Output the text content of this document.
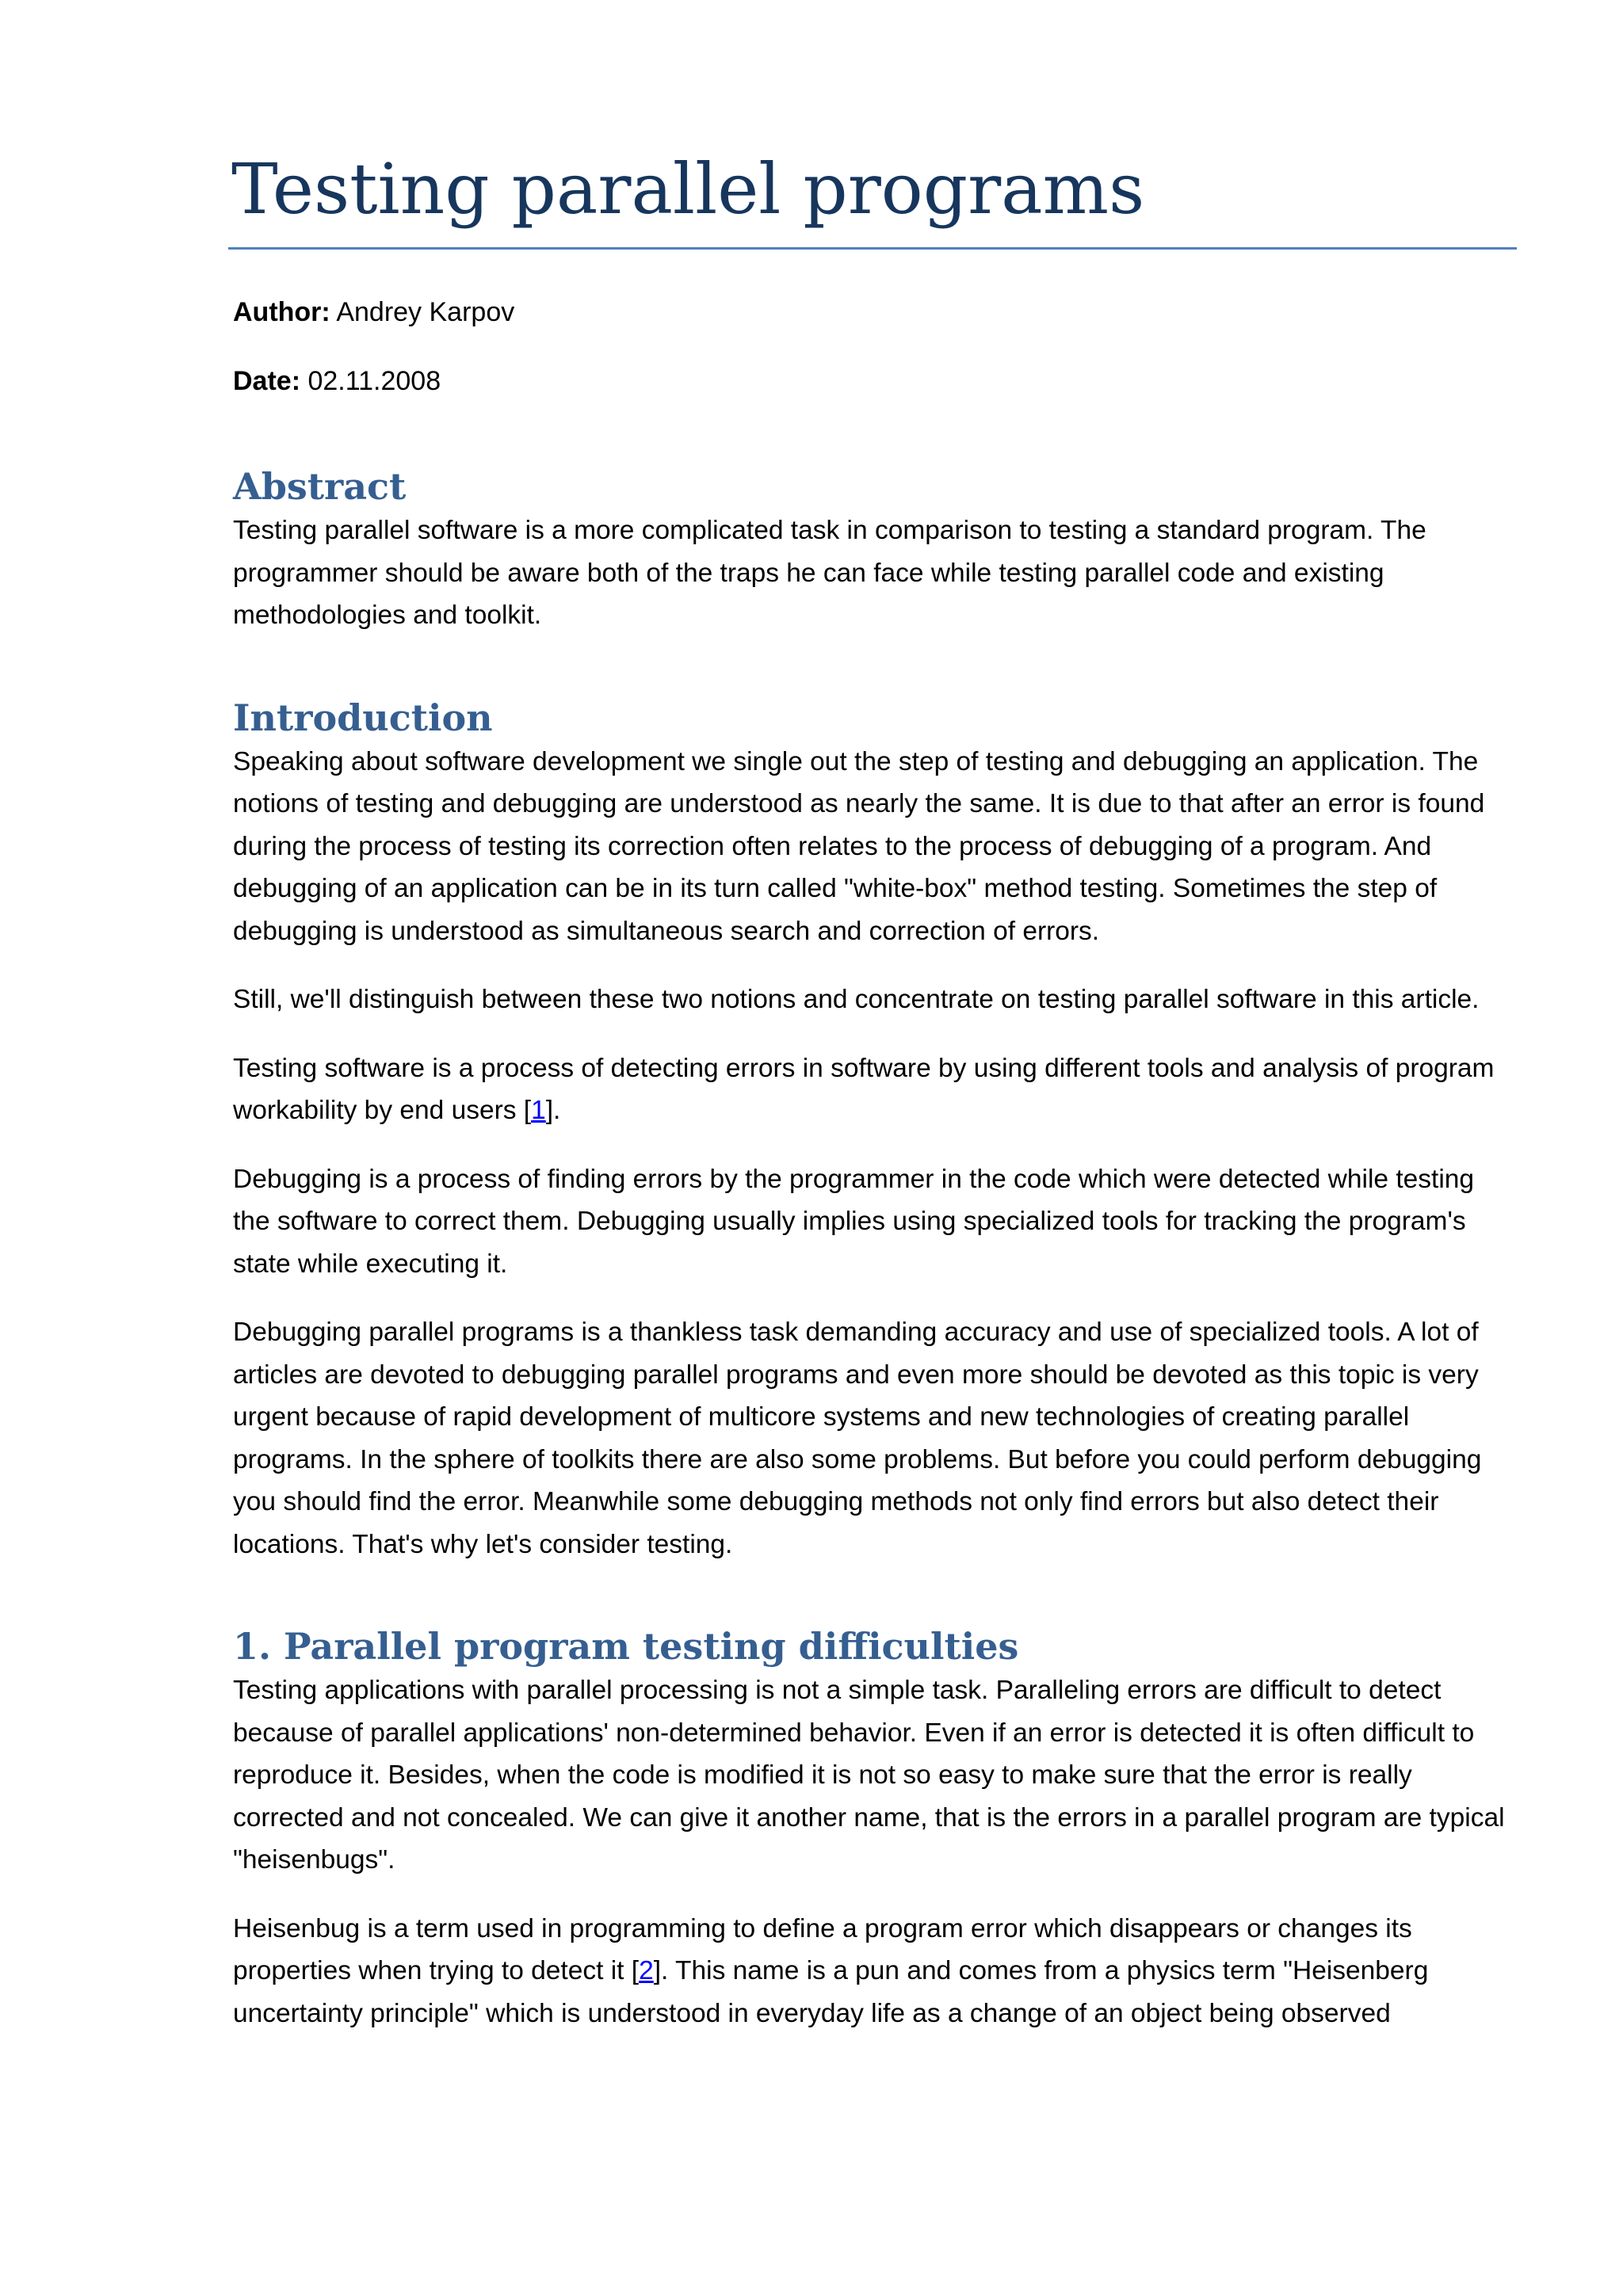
Testing parallel programs

Author: Andrey Karpov

Date: 02.11.2008

Abstract

Testing parallel software is a more complicated task in comparison to testing a standard program. The programmer should be aware both of the traps he can face while testing parallel code and existing methodologies and toolkit.

Introduction

Speaking about software development we single out the step of testing and debugging an application. The notions of testing and debugging are understood as nearly the same. It is due to that after an error is found during the process of testing its correction often relates to the process of debugging of a program. And debugging of an application can be in its turn called "white-box" method testing. Sometimes the step of debugging is understood as simultaneous search and correction of errors.

Still, we'll distinguish between these two notions and concentrate on testing parallel software in this article.

Testing software is a process of detecting errors in software by using different tools and analysis of program workability by end users [1].

Debugging is a process of finding errors by the programmer in the code which were detected while testing the software to correct them. Debugging usually implies using specialized tools for tracking the program's state while executing it.

Debugging parallel programs is a thankless task demanding accuracy and use of specialized tools. A lot of articles are devoted to debugging parallel programs and even more should be devoted as this topic is very urgent because of rapid development of multicore systems and new technologies of creating parallel programs. In the sphere of toolkits there are also some problems. But before you could perform debugging you should find the error. Meanwhile some debugging methods not only find errors but also detect their locations. That's why let's consider testing.

1. Parallel program testing difficulties

Testing applications with parallel processing is not a simple task. Paralleling errors are difficult to detect because of parallel applications' non-determined behavior. Even if an error is detected it is often difficult to reproduce it. Besides, when the code is modified it is not so easy to make sure that the error is really corrected and not concealed. We can give it another name, that is the errors in a parallel program are typical "heisenbugs".

Heisenbug is a term used in programming to define a program error which disappears or changes its properties when trying to detect it [2]. This name is a pun and comes from a physics term "Heisenberg uncertainty principle" which is understood in everyday life as a change of an object being observed
